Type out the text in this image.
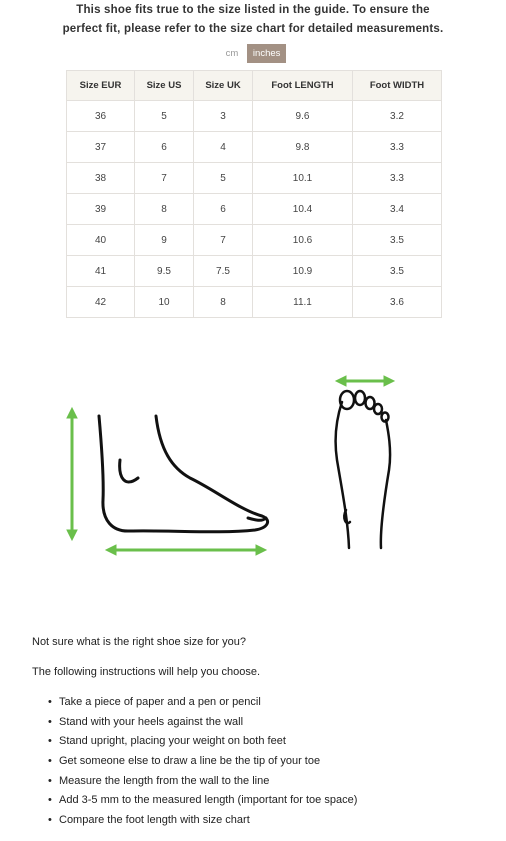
This shoe fits true to the size listed in the guide. To ensure the
perfect fit, please refer to the size chart for detailed measurements.
cm inches
Size EUR	Size US	Size UK	Foot LENGTH	Foot WIDTH
36	5	3	9.6	3.2
37	6	4	9.8	3.3
38	7	5	10.1	3.3
39	8	6	10.4	3.4
40	9	7	10.6	3.5
41	9.5	7.5	10.9	3.5
42	10	8	11.1	3.6

Not sure what is the right shoe size for you?

The following instructions will help you choose.

• Take a piece of paper and a pen or pencil
• Stand with your heels against the wall
• Stand upright, placing your weight on both feet
• Get someone else to draw a line be the tip of your toe
• Measure the length from the wall to the line
• Add 3-5 mm to the measured length (important for toe space)
• Compare the foot length with size chart
